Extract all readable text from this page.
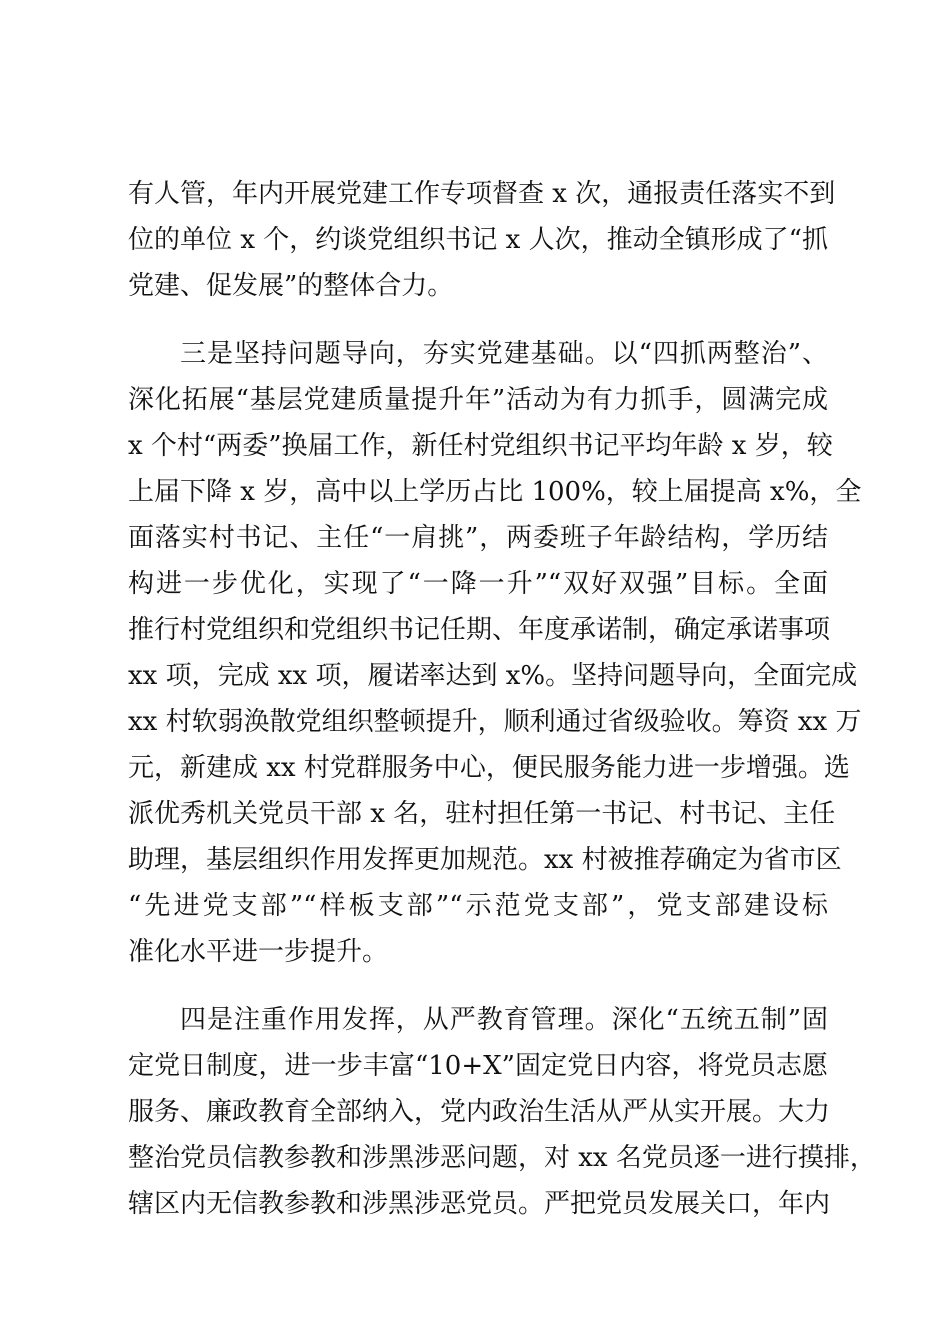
有人管，年内开展党建工作专项督查 x 次，通报责任落实不到
位的单位 x 个，约谈党组织书记 x 人次，推动全镇形成了“抓
党建、促发展”的整体合力。
三是坚持问题导向，夯实党建基础。以“四抓两整治”、
深化拓展“基层党建质量提升年”活动为有力抓手，圆满完成
x 个村“两委”换届工作，新任村党组织书记平均年龄 x 岁，较
上届下降 x 岁，高中以上学历占比 100%，较上届提高 x%，全
面落实村书记、主任“一肩挑”，两委班子年龄结构，学历结
构进一步优化，实现了“一降一升”“双好双强”目标。全面
推行村党组织和党组织书记任期、年度承诺制，确定承诺事项
xx 项，完成 xx 项，履诺率达到 x%。坚持问题导向，全面完成
xx 村软弱涣散党组织整顿提升，顺利通过省级验收。筹资 xx 万
元，新建成 xx 村党群服务中心，便民服务能力进一步增强。选
派优秀机关党员干部 x 名，驻村担任第一书记、村书记、主任
助理，基层组织作用发挥更加规范。xx 村被推荐确定为省市区
“先进党支部”“样板支部”“示范党支部”，党支部建设标
准化水平进一步提升。
四是注重作用发挥，从严教育管理。深化“五统五制”固
定党日制度，进一步丰富“10+X”固定党日内容，将党员志愿
服务、廉政教育全部纳入，党内政治生活从严从实开展。大力
整治党员信教参教和涉黑涉恶问题，对 xx 名党员逐一进行摸排，
辖区内无信教参教和涉黑涉恶党员。严把党员发展关口，年内
